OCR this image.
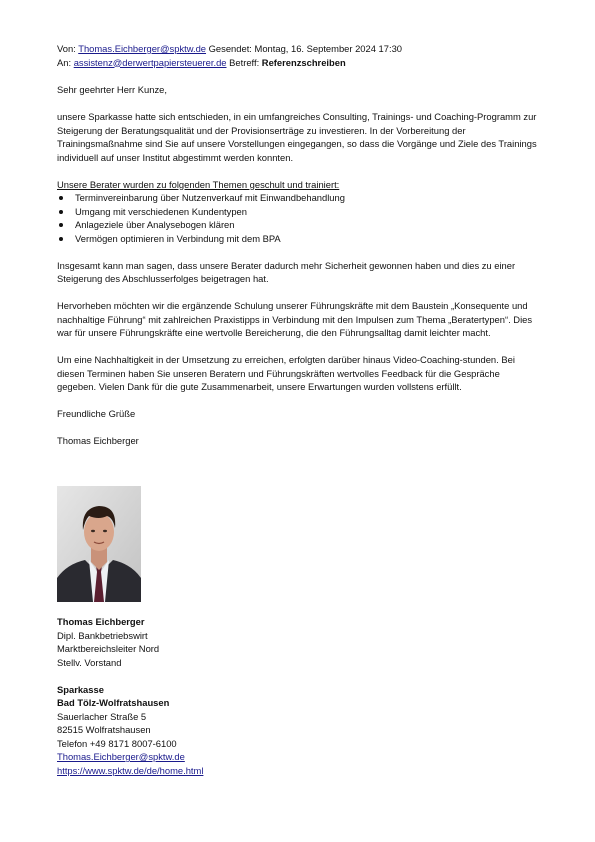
Von: Thomas.Eichberger@spktw.de Gesendet: Montag, 16. September 2024 17:30
An: assistenz@derwertpapiersteuerer.de Betreff: Referenzschreiben

Sehr geehrter Herr Kunze,

unsere Sparkasse hatte sich entschieden, in ein umfangreiches Consulting, Trainings- und Coaching-Programm zur Steigerung der Beratungsqualität und der Provisionserträge zu investieren. In der Vorbereitung der Trainingsmaßnahme sind Sie auf unsere Vorstellungen eingegangen, so dass die Vorgänge und Ziele des Trainings individuell auf unser Institut abgestimmt werden konnten.

Unsere Berater wurden zu folgenden Themen geschult und trainiert:

Terminvereinbarung über Nutzenverkauf mit Einwandbehandlung
Umgang mit verschiedenen Kundentypen
Anlageziele über Analysebogen klären
Vermögen optimieren in Verbindung mit dem BPA

Insgesamt kann man sagen, dass unsere Berater dadurch mehr Sicherheit gewonnen haben und dies zu einer Steigerung des Abschlusserfolges beigetragen hat.

Hervorheben möchten wir die ergänzende Schulung unserer Führungskräfte mit dem Baustein „Konsequente und nachhaltige Führung“ mit zahlreichen Praxistipps in Verbindung mit den Impulsen zum Thema „Beratertypen“. Dies war für unsere Führungskräfte eine wertvolle Bereicherung, die den Führungsalltag damit leichter macht.

Um eine Nachhaltigkeit in der Umsetzung zu erreichen, erfolgten darüber hinaus Video-Coaching-stunden. Bei diesen Terminen haben Sie unseren Beratern und Führungskräften wertvolles Feedback für die Gespräche gegeben. Vielen Dank für die gute Zusammenarbeit, unsere Erwartungen wurden vollstens erfüllt.

Freundliche Grüße

Thomas Eichberger

Thomas Eichberger
Dipl. Bankbetriebswirt
Marktbereichsleiter Nord
Stellv. Vorstand
Sparkasse
Bad Tölz-Wolfratshausen
Sauerlacher Straße 5
82515 Wolfratshausen
Telefon +49 8171 8007-6100
Thomas.Eichberger@spktw.de
https://www.spktw.de/de/home.html
